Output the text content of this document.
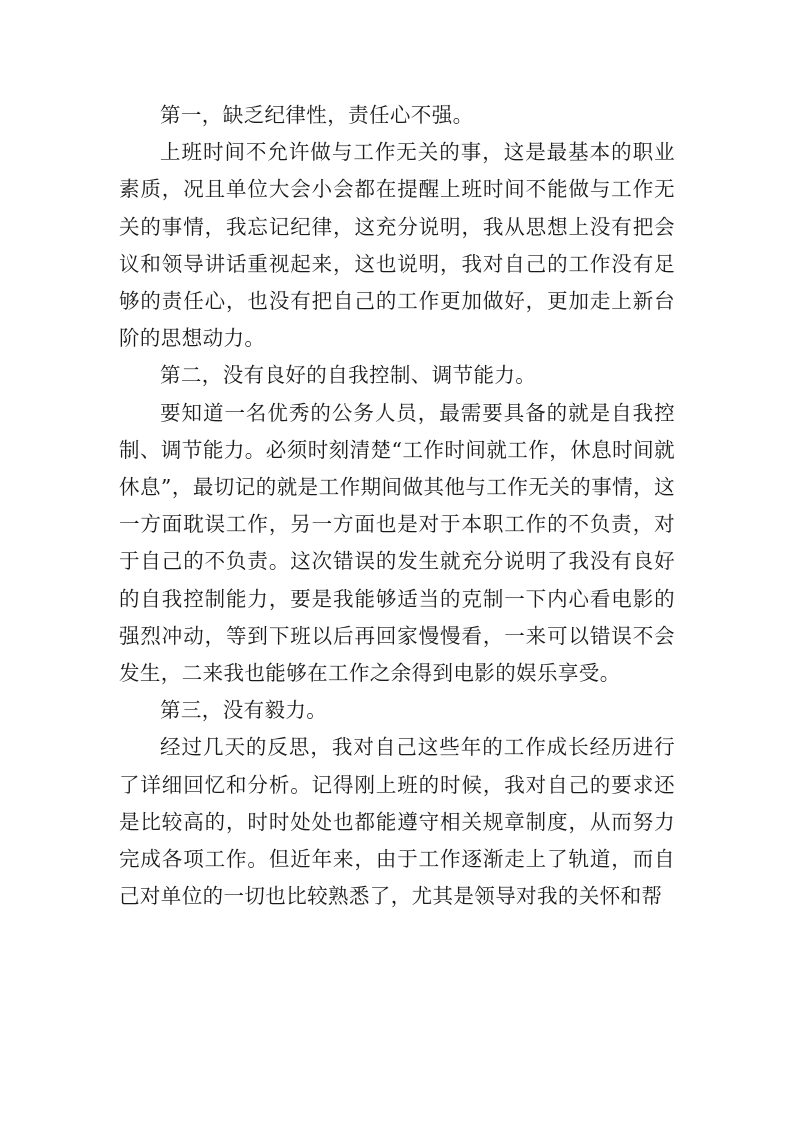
第一，缺乏纪律性，责任心不强。

上班时间不允许做与工作无关的事，这是最基本的职业素质，况且单位大会小会都在提醒上班时间不能做与工作无关的事情，我忘记纪律，这充分说明，我从思想上没有把会议和领导讲话重视起来，这也说明，我对自己的工作没有足够的责任心，也没有把自己的工作更加做好，更加走上新台阶的思想动力。

第二，没有良好的自我控制、调节能力。

要知道一名优秀的公务人员，最需要具备的就是自我控制、调节能力。必须时刻清楚“工作时间就工作，休息时间就休息”，最切记的就是工作期间做其他与工作无关的事情，这一方面耽误工作，另一方面也是对于本职工作的不负责，对于自己的不负责。这次错误的发生就充分说明了我没有良好的自我控制能力，要是我能够适当的克制一下内心看电影的强烈冲动，等到下班以后再回家慢慢看，一来可以错误不会发生，二来我也能够在工作之余得到电影的娱乐享受。

第三，没有毅力。

经过几天的反思，我对自己这些年的工作成长经历进行了详细回忆和分析。记得刚上班的时候，我对自己的要求还是比较高的，时时处处也都能遵守相关规章制度，从而努力完成各项工作。但近年来，由于工作逐渐走上了轨道，而自己对单位的一切也比较熟悉了，尤其是领导对我的关怀和帮
